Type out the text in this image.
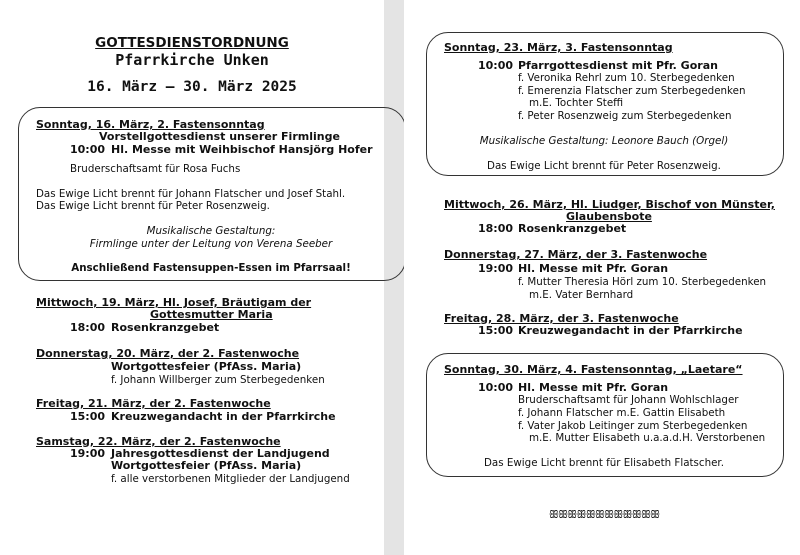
GOTTESDIENSTORDNUNG
Pfarrkirche Unken
16. März – 30. März 2025
Sonntag, 16. März, 2. Fastensonntag
Vorstellgottesdienst unserer Firmlinge
10:00 Hl. Messe mit Weihbischof Hansjörg Hofer
Bruderschaftsamt für Rosa Fuchs
Das Ewige Licht brennt für Johann Flatscher und Josef Stahl.
Das Ewige Licht brennt für Peter Rosenzweig.
Musikalische Gestaltung:
Firmlinge unter der Leitung von Verena Seeber
Anschließend Fastensuppen-Essen im Pfarrsaal!
Mittwoch, 19. März, Hl. Josef, Bräutigam der
Gottesmutter Maria
18:00 Rosenkranzgebet
Donnerstag, 20. März, der 2. Fastenwoche
Wortgottesfeier (PfAss. Maria)
f. Johann Willberger zum Sterbegedenken
Freitag, 21. März, der 2. Fastenwoche
15:00 Kreuzwegandacht in der Pfarrkirche
Samstag, 22. März, der 2. Fastenwoche
19:00 Jahresgottesdienst der Landjugend
Wortgottesfeier (PfAss. Maria)
f. alle verstorbenen Mitglieder der Landjugend
Sonntag, 23. März, 3. Fastensonntag
10:00 Pfarrgottesdienst mit Pfr. Goran
f. Veronika Rehrl zum 10. Sterbegedenken
f. Emerenzia Flatscher zum Sterbegedenken
m.E. Tochter Steffi
f. Peter Rosenzweig zum Sterbegedenken
Musikalische Gestaltung: Leonore Bauch (Orgel)
Das Ewige Licht brennt für Peter Rosenzweig.
Mittwoch, 26. März, Hl. Liudger, Bischof von Münster,
Glaubensbote
18:00 Rosenkranzgebet
Donnerstag, 27. März, der 3. Fastenwoche
19:00 Hl. Messe mit Pfr. Goran
f. Mutter Theresia Hörl zum 10. Sterbegedenken
m.E. Vater Bernhard
Freitag, 28. März, der 3. Fastenwoche
15:00 Kreuzwegandacht in der Pfarrkirche
Sonntag, 30. März, 4. Fastensonntag, „Laetare“
10:00 Hl. Messe mit Pfr. Goran
Bruderschaftsamt für Johann Wohlschlager
f. Johann Flatscher m.E. Gattin Elisabeth
f. Vater Jakob Leitinger zum Sterbegedenken
m.E. Mutter Elisabeth u.a.a.d.H. Verstorbenen
Das Ewige Licht brennt für Elisabeth Flatscher.
ꕥꕥꕥꕥꕥꕥꕥꕥꕥꕥꕥꕥ
